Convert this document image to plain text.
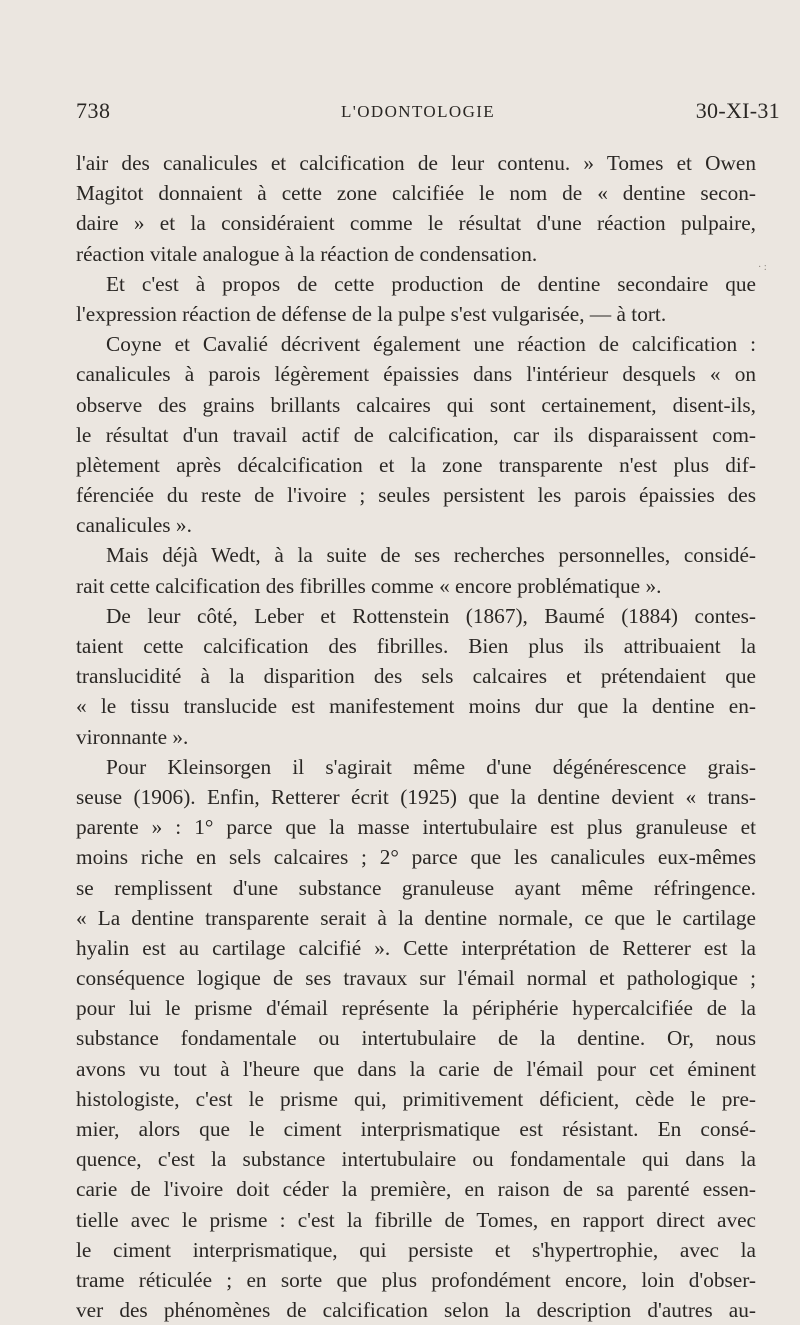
738	L'ODONTOLOGIE	30-XI-31
l'air des canalicules et calcification de leur contenu. » Tomes et Owen
Magitot donnaient à cette zone calcifiée le nom de « dentine secon-
daire » et la considéraient comme le résultat d'une réaction pulpaire,
réaction vitale analogue à la réaction de condensation.
Et c'est à propos de cette production de dentine secondaire que
l'expression réaction de défense de la pulpe s'est vulgarisée, — à tort.
Coyne et Cavalié décrivent également une réaction de calcification :
canalicules à parois légèrement épaissies dans l'intérieur desquels « on
observe des grains brillants calcaires qui sont certainement, disent-ils,
le résultat d'un travail actif de calcification, car ils disparaissent com-
plètement après décalcification et la zone transparente n'est plus dif-
férenciée du reste de l'ivoire ; seules persistent les parois épaissies des
canalicules ».
Mais déjà Wedt, à la suite de ses recherches personnelles, considé-
rait cette calcification des fibrilles comme « encore problématique ».
De leur côté, Leber et Rottenstein (1867), Baumé (1884) contes-
taient cette calcification des fibrilles. Bien plus ils attribuaient la
translucidité à la disparition des sels calcaires et prétendaient que
« le tissu translucide est manifestement moins dur que la dentine en-
vironnante ».
Pour Kleinsorgen il s'agirait même d'une dégénérescence grais-
seuse (1906). Enfin, Retterer écrit (1925) que la dentine devient « trans-
parente » : 1° parce que la masse intertubulaire est plus granuleuse et
moins riche en sels calcaires ; 2° parce que les canalicules eux-mêmes
se remplissent d'une substance granuleuse ayant même réfringence.
« La dentine transparente serait à la dentine normale, ce que le cartilage
hyalin est au cartilage calcifié ». Cette interprétation de Retterer est la
conséquence logique de ses travaux sur l'émail normal et pathologique ;
pour lui le prisme d'émail représente la périphérie hypercalcifiée de la
substance fondamentale ou intertubulaire de la dentine. Or, nous
avons vu tout à l'heure que dans la carie de l'émail pour cet éminent
histologiste, c'est le prisme qui, primitivement déficient, cède le pre-
mier, alors que le ciment interprismatique est résistant. En consé-
quence, c'est la substance intertubulaire ou fondamentale qui dans la
carie de l'ivoire doit céder la première, en raison de sa parenté essen-
tielle avec le prisme : c'est la fibrille de Tomes, en rapport direct avec
le ciment interprismatique, qui persiste et s'hypertrophie, avec la
trame réticulée ; en sorte que plus profondément encore, loin d'obser-
ver des phénomènes de calcification selon la description d'autres au-
· :
